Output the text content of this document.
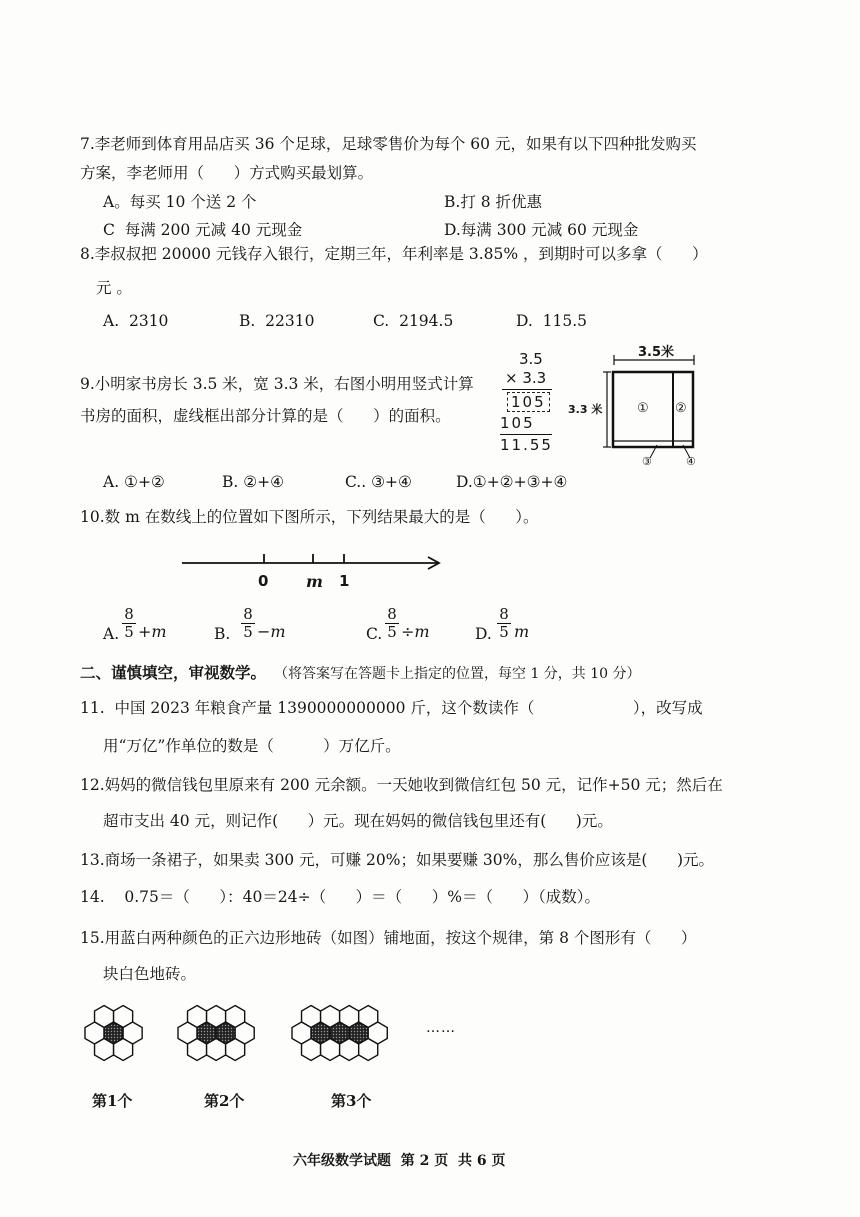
7.李老师到体育用品店买 36 个足球，足球零售价为每个 60 元，如果有以下四种批发购买
方案，李老师用（      ）方式购买最划算。
A。每买 10 个送 2 个	B.打 8 折优惠
C  每满 200 元减 40 元现金	D.每满 300 元减 60 元现金
8.李叔叔把 20000 元钱存入银行，定期三年，年利率是 3.85% ，到期时可以多拿（      ）
元 。
A.  2310	B.  22310	C.  2194.5	D.  115.5
9.小明家书房长 3.5 米，宽 3.3 米，右图小明用竖式计算
书房的面积，虚线框出部分计算的是（      ）的面积。
3.5
× 3.3
105
105
11.55
3.5米
3.3 米	① ②
③	④
A. ①+②	B. ②+④	C.. ③+④	D.①+②+③+④
10.数 m 在数线上的位置如下图所示，下列结果最大的是（      ）。
0 m 1
A.
8
5 +m	B.
8
5 −m	C.
8
5 ÷m	D.
8
5 m
二、谨慎填空，审视数学。 （将答案写在答题卡上指定的位置，每空 1 分，共 10 分）
11.  中国 2023 年粮食产量 1390000000000 斤，这个数读作（                    ），改写成
用“万亿”作单位的数是（          ）万亿斤。
12.妈妈的微信钱包里原来有 200 元余额。一天她收到微信红包 50 元，记作+50 元；然后在
超市支出 40 元，则记作(      ）元。现在妈妈的微信钱包里还有(      )元。
13.商场一条裙子，如果卖 300 元，可赚 20%；如果要赚 30%，那么售价应该是(      )元。
14.    0.75＝（      ）：40＝24÷（      ）＝（      ）%＝（      ）（成数）。
15.用蓝白两种颜色的正六边形地砖（如图）铺地面，按这个规律，第 8 个图形有（      ）
块白色地砖。
……
第1个	第2个	第3个
六年级数学试题  第 2 页  共 6 页
